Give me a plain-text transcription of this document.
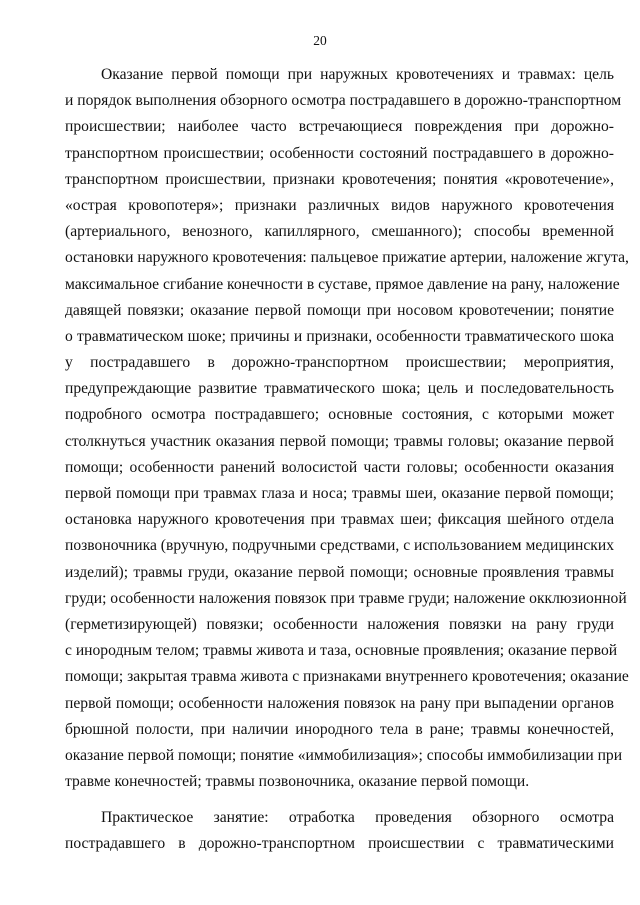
20
Оказание первой помощи при наружных кровотечениях и травмах: цель
и порядок выполнения обзорного осмотра пострадавшего в дорожно-транспортном
происшествии; наиболее часто встречающиеся повреждения при дорожно-
транспортном происшествии; особенности состояний пострадавшего в дорожно-
транспортном происшествии, признаки кровотечения; понятия «кровотечение»,
«острая кровопотеря»; признаки различных видов наружного кровотечения
(артериального, венозного, капиллярного, смешанного); способы временной
остановки наружного кровотечения: пальцевое прижатие артерии, наложение жгута,
максимальное сгибание конечности в суставе, прямое давление на рану, наложение
давящей повязки; оказание первой помощи при носовом кровотечении; понятие
о травматическом шоке; причины и признаки, особенности травматического шока
у пострадавшего в дорожно-транспортном происшествии; мероприятия,
предупреждающие развитие травматического шока; цель и последовательность
подробного осмотра пострадавшего; основные состояния, с которыми может
столкнуться участник оказания первой помощи; травмы головы; оказание первой
помощи; особенности ранений волосистой части головы; особенности оказания
первой помощи при травмах глаза и носа; травмы шеи, оказание первой помощи;
остановка наружного кровотечения при травмах шеи; фиксация шейного отдела
позвоночника (вручную, подручными средствами, с использованием медицинских
изделий); травмы груди, оказание первой помощи; основные проявления травмы
груди; особенности наложения повязок при травме груди; наложение окклюзионной
(герметизирующей) повязки; особенности наложения повязки на рану груди
с инородным телом; травмы живота и таза, основные проявления; оказание первой
помощи; закрытая травма живота с признаками внутреннего кровотечения; оказание
первой помощи; особенности наложения повязок на рану при выпадении органов
брюшной полости, при наличии инородного тела в ране; травмы конечностей,
оказание первой помощи; понятие «иммобилизация»; способы иммобилизации при
травме конечностей; травмы позвоночника, оказание первой помощи.
Практическое занятие: отработка проведения обзорного осмотра
пострадавшего в дорожно-транспортном происшествии с травматическими
